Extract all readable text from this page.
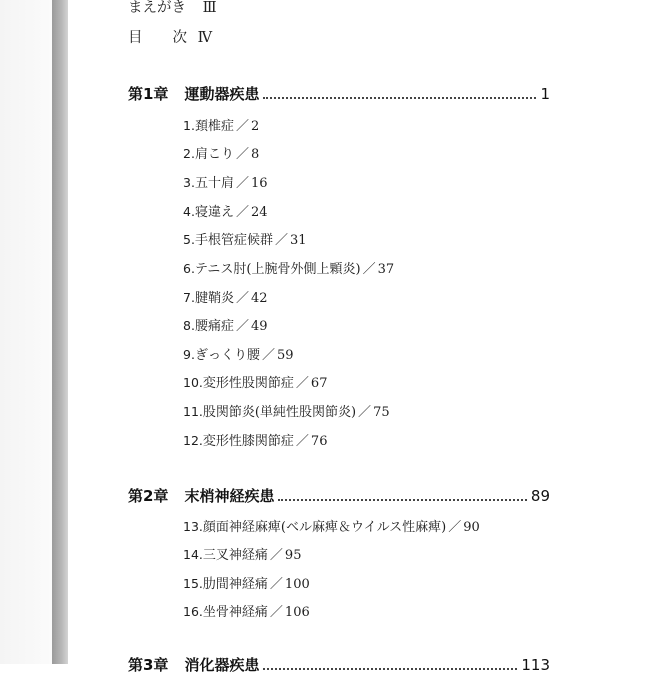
まえがき Ⅲ
目 次 Ⅳ
第1章 運動器疾患	1
1.頚椎症 ／ 2
2.肩こり ／ 8
3.五十肩 ／ 16
4.寝違え ／ 24
5.手根管症候群 ／ 31
6.テニス肘(上腕骨外側上顆炎) ／ 37
7.腱鞘炎 ／ 42
8.腰痛症 ／ 49
9.ぎっくり腰 ／ 59
10.変形性股関節症 ／ 67
11.股関節炎(単純性股関節炎) ／ 75
12.変形性膝関節症 ／ 76
第2章 末梢神経疾患	89
13.顔面神経麻痺(ベル麻痺＆ウイルス性麻痺) ／ 90
14.三叉神経痛 ／ 95
15.肋間神経痛 ／ 100
16.坐骨神経痛 ／ 106
第3章 消化器疾患	113
